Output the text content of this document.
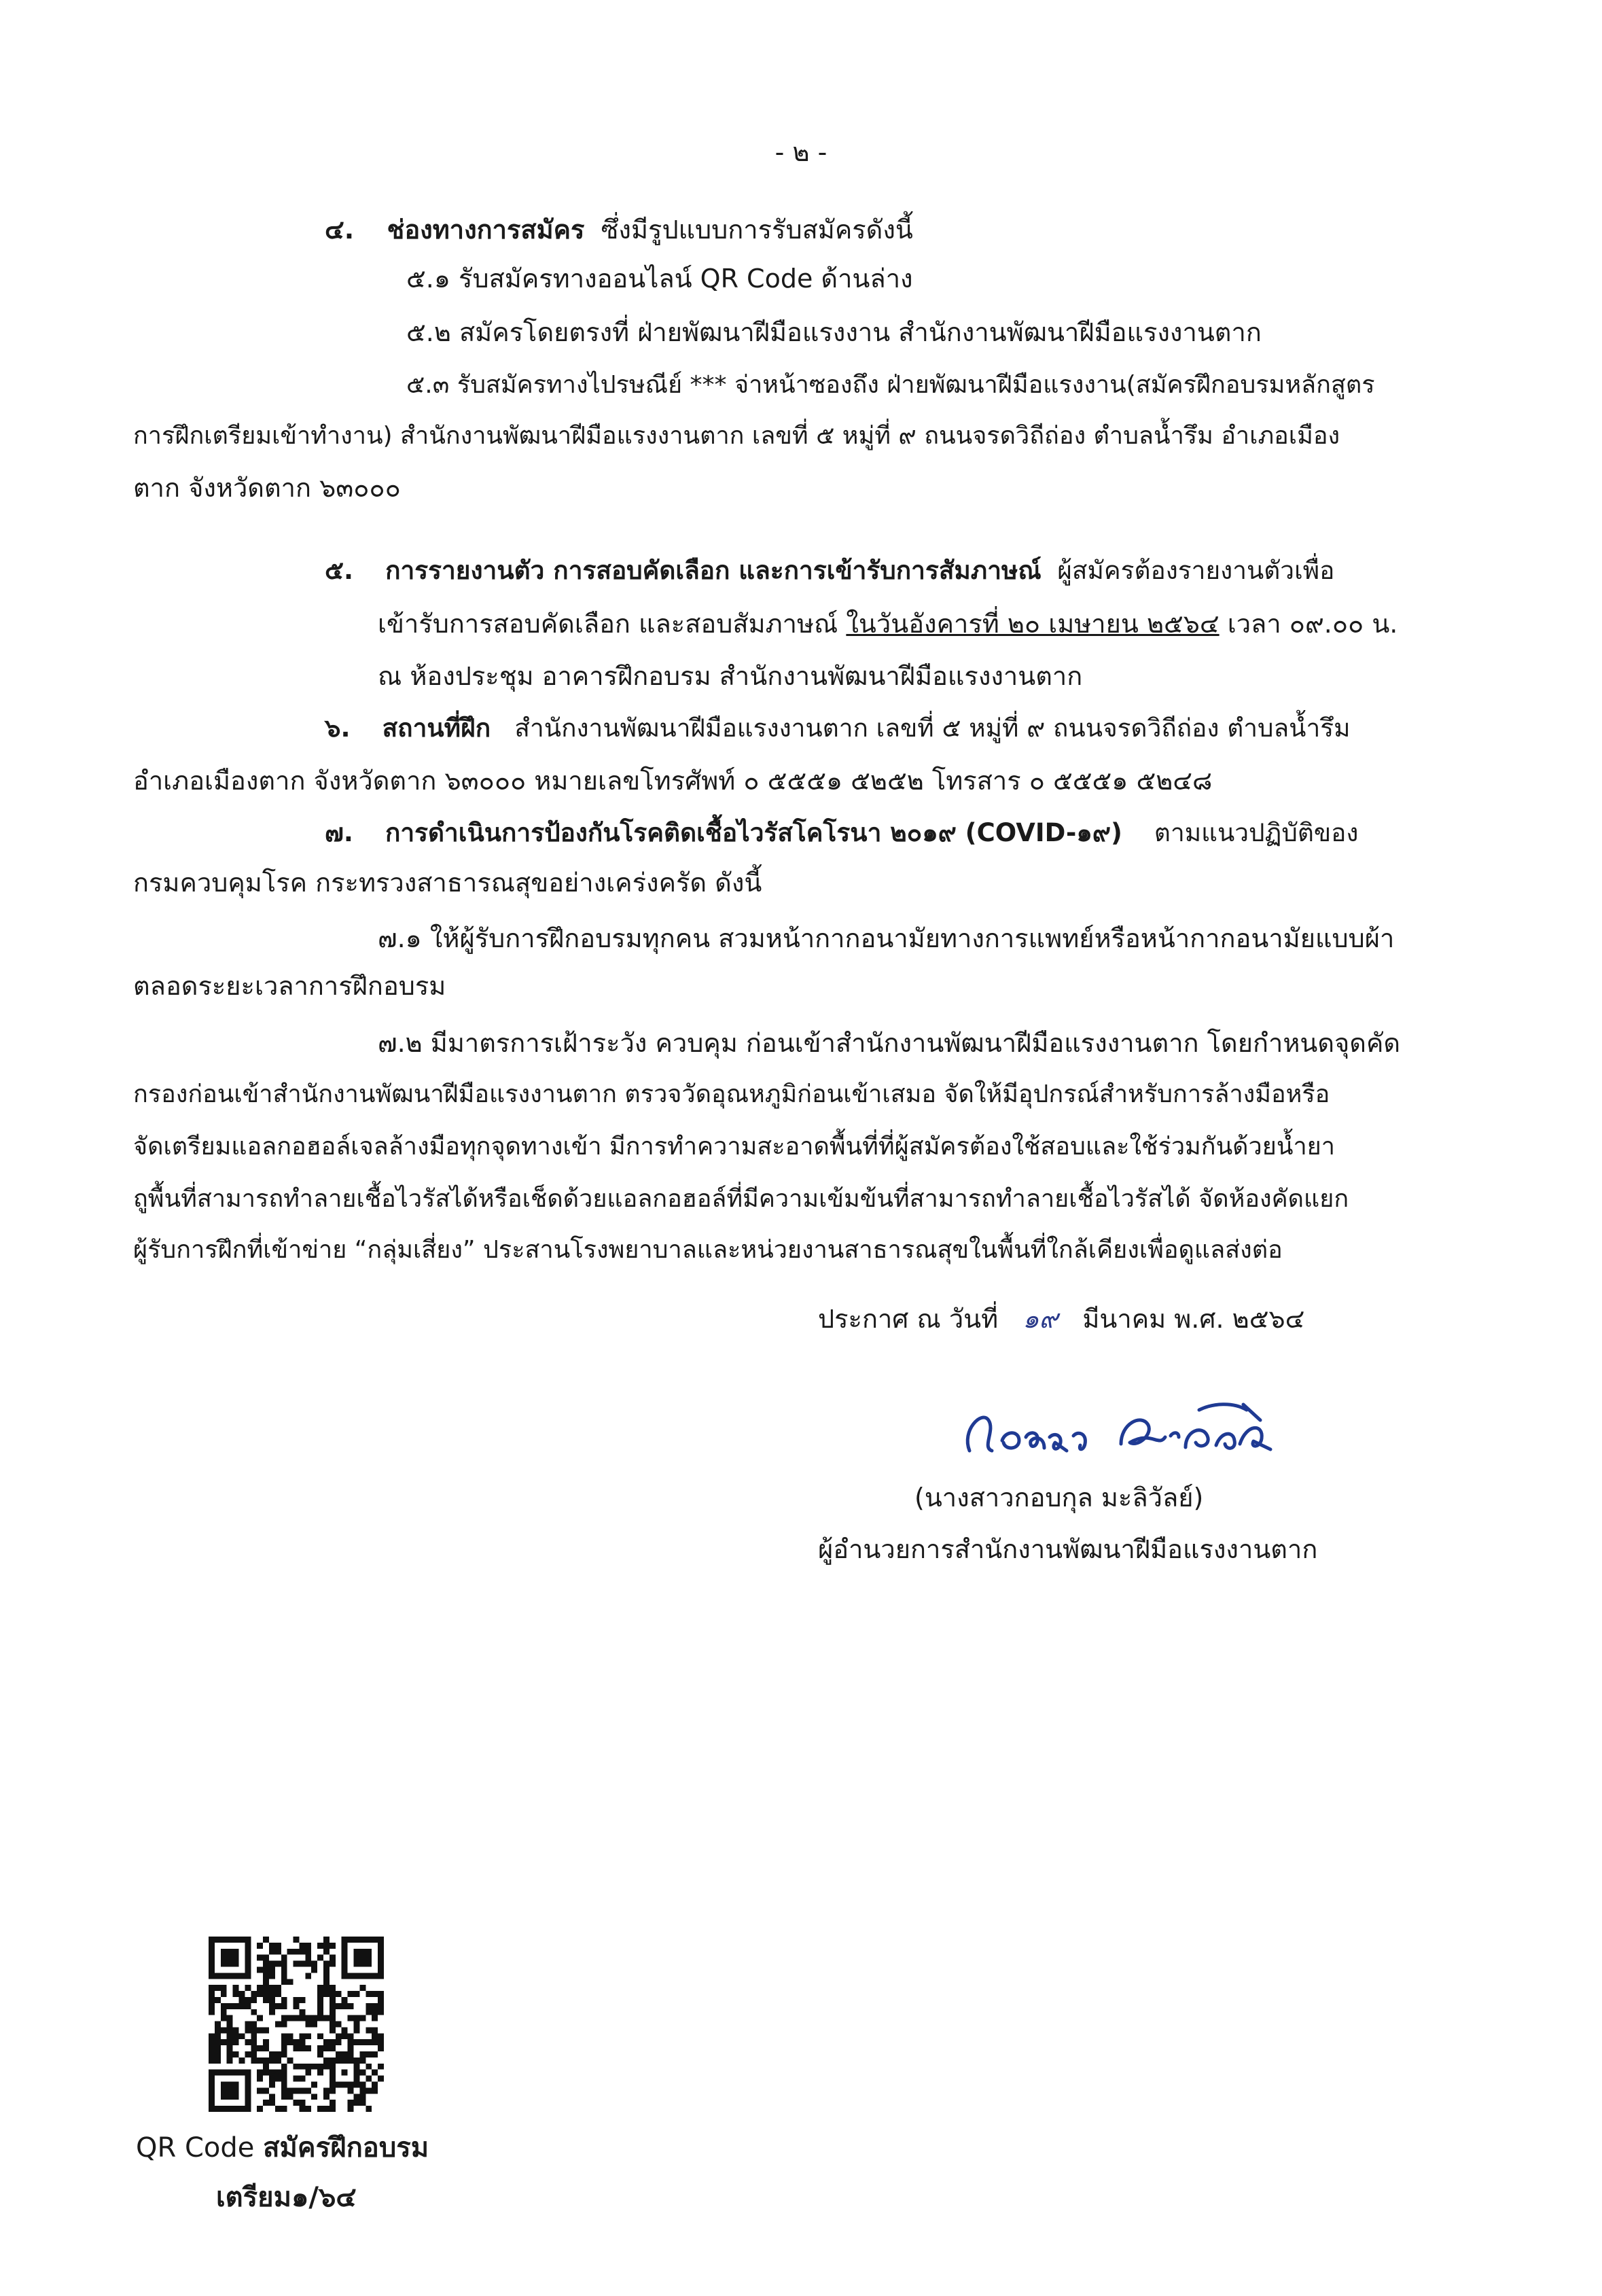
- ๒ -
๔. ช่องทางการสมัคร ซึ่งมีรูปแบบการรับสมัครดังนี้
๕.๑ รับสมัครทางออนไลน์ QR Code ด้านล่าง
๕.๒ สมัครโดยตรงที่ ฝ่ายพัฒนาฝีมือแรงงาน สำนักงานพัฒนาฝีมือแรงงานตาก
๕.๓ รับสมัครทางไปรษณีย์ *** จ่าหน้าซองถึง ฝ่ายพัฒนาฝีมือแรงงาน(สมัครฝึกอบรมหลักสูตร
การฝึกเตรียมเข้าทำงาน) สำนักงานพัฒนาฝีมือแรงงานตาก เลขที่ ๕ หมู่ที่ ๙ ถนนจรดวิถีถ่อง ตำบลน้ำรึม อำเภอเมือง
ตาก จังหวัดตาก ๖๓๐๐๐
๕. การรายงานตัว การสอบคัดเลือก และการเข้ารับการสัมภาษณ์ ผู้สมัครต้องรายงานตัวเพื่อ
เข้ารับการสอบคัดเลือก และสอบสัมภาษณ์ ในวันอังคารที่ ๒๐ เมษายน ๒๕๖๔ เวลา ๐๙.๐๐ น.
ณ ห้องประชุม อาคารฝึกอบรม สำนักงานพัฒนาฝีมือแรงงานตาก
๖. สถานที่ฝึก สำนักงานพัฒนาฝีมือแรงงานตาก เลขที่ ๕ หมู่ที่ ๙ ถนนจรดวิถีถ่อง ตำบลน้ำรึม
อำเภอเมืองตาก จังหวัดตาก ๖๓๐๐๐ หมายเลขโทรศัพท์ ๐ ๕๕๕๑ ๕๒๕๒ โทรสาร ๐ ๕๕๕๑ ๕๒๔๘
๗. การดำเนินการป้องกันโรคติดเชื้อไวรัสโคโรนา ๒๐๑๙ (COVID-๑๙) ตามแนวปฏิบัติของ
กรมควบคุมโรค กระทรวงสาธารณสุขอย่างเคร่งครัด ดังนี้
๗.๑ ให้ผู้รับการฝึกอบรมทุกคน สวมหน้ากากอนามัยทางการแพทย์หรือหน้ากากอนามัยแบบผ้า
ตลอดระยะเวลาการฝึกอบรม
๗.๒ มีมาตรการเฝ้าระวัง ควบคุม ก่อนเข้าสำนักงานพัฒนาฝีมือแรงงานตาก โดยกำหนดจุดคัด
กรองก่อนเข้าสำนักงานพัฒนาฝีมือแรงงานตาก ตรวจวัดอุณหภูมิก่อนเข้าเสมอ จัดให้มีอุปกรณ์สำหรับการล้างมือหรือ
จัดเตรียมแอลกอฮอล์เจลล้างมือทุกจุดทางเข้า มีการทำความสะอาดพื้นที่ที่ผู้สมัครต้องใช้สอบและใช้ร่วมกันด้วยน้ำยา
ถูพื้นที่สามารถทำลายเชื้อไวรัสได้หรือเช็ดด้วยแอลกอฮอล์ที่มีความเข้มข้นที่สามารถทำลายเชื้อไวรัสได้ จัดห้องคัดแยก
ผู้รับการฝึกที่เข้าข่าย “กลุ่มเสี่ยง” ประสานโรงพยาบาลและหน่วยงานสาธารณสุขในพื้นที่ใกล้เคียงเพื่อดูแลส่งต่อ
ประกาศ ณ วันที่ ๑๙ มีนาคม พ.ศ. ๒๕๖๔
(นางสาวกอบกุล มะลิวัลย์)
ผู้อำนวยการสำนักงานพัฒนาฝีมือแรงงานตาก
QR Code สมัครฝึกอบรม
เตรียม๑/๖๔
